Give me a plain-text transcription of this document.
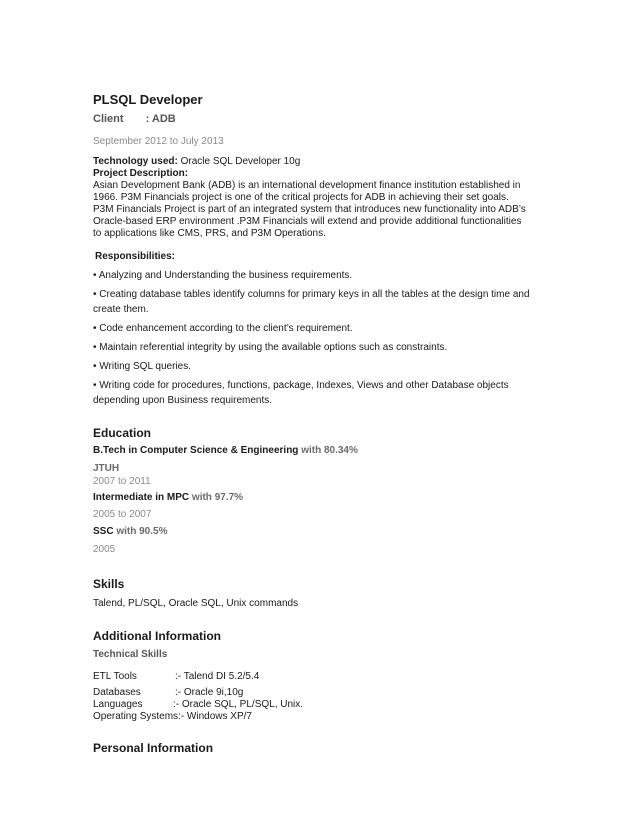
PLSQL Developer
Client : ADB
September 2012 to July 2013
Technology used: Oracle SQL Developer 10g
Project Description:

Asian Development Bank (ADB) is an international development finance institution established in

1966. P3M Financials project is one of the critical projects for ADB in achieving their set goals.

P3M Financials Project is part of an integrated system that introduces new functionality into ADB’s

Oracle-based ERP environment .P3M Financials will extend and provide additional functionalities

to applications like CMS, PRS, and P3M Operations.

Responsibilities:
• Analyzing and Understanding the business requirements.
• Creating database tables identify columns for primary keys in all the tables at the design time and
create them.
• Code enhancement according to the client’s requirement.
• Maintain referential integrity by using the available options such as constraints.
• Writing SQL queries.
• Writing code for procedures, functions, package, Indexes, Views and other Database objects
depending upon Business requirements.
Education
B.Tech in Computer Science & Engineering with 80.34%
JTUH
2007 to 2011
Intermediate in MPC with 97.7%
2005 to 2007
SSC with 90.5%
2005
Skills
Talend, PL/SQL, Oracle SQL, Unix commands
Additional Information
Technical Skills
ETL Tools	:- Talend DI 5.2/5.4
Databases	:- Oracle 9i,10g
Languages	:- Oracle SQL, PL/SQL, Unix.
Operating Systems:- Windows XP/7
Personal Information
